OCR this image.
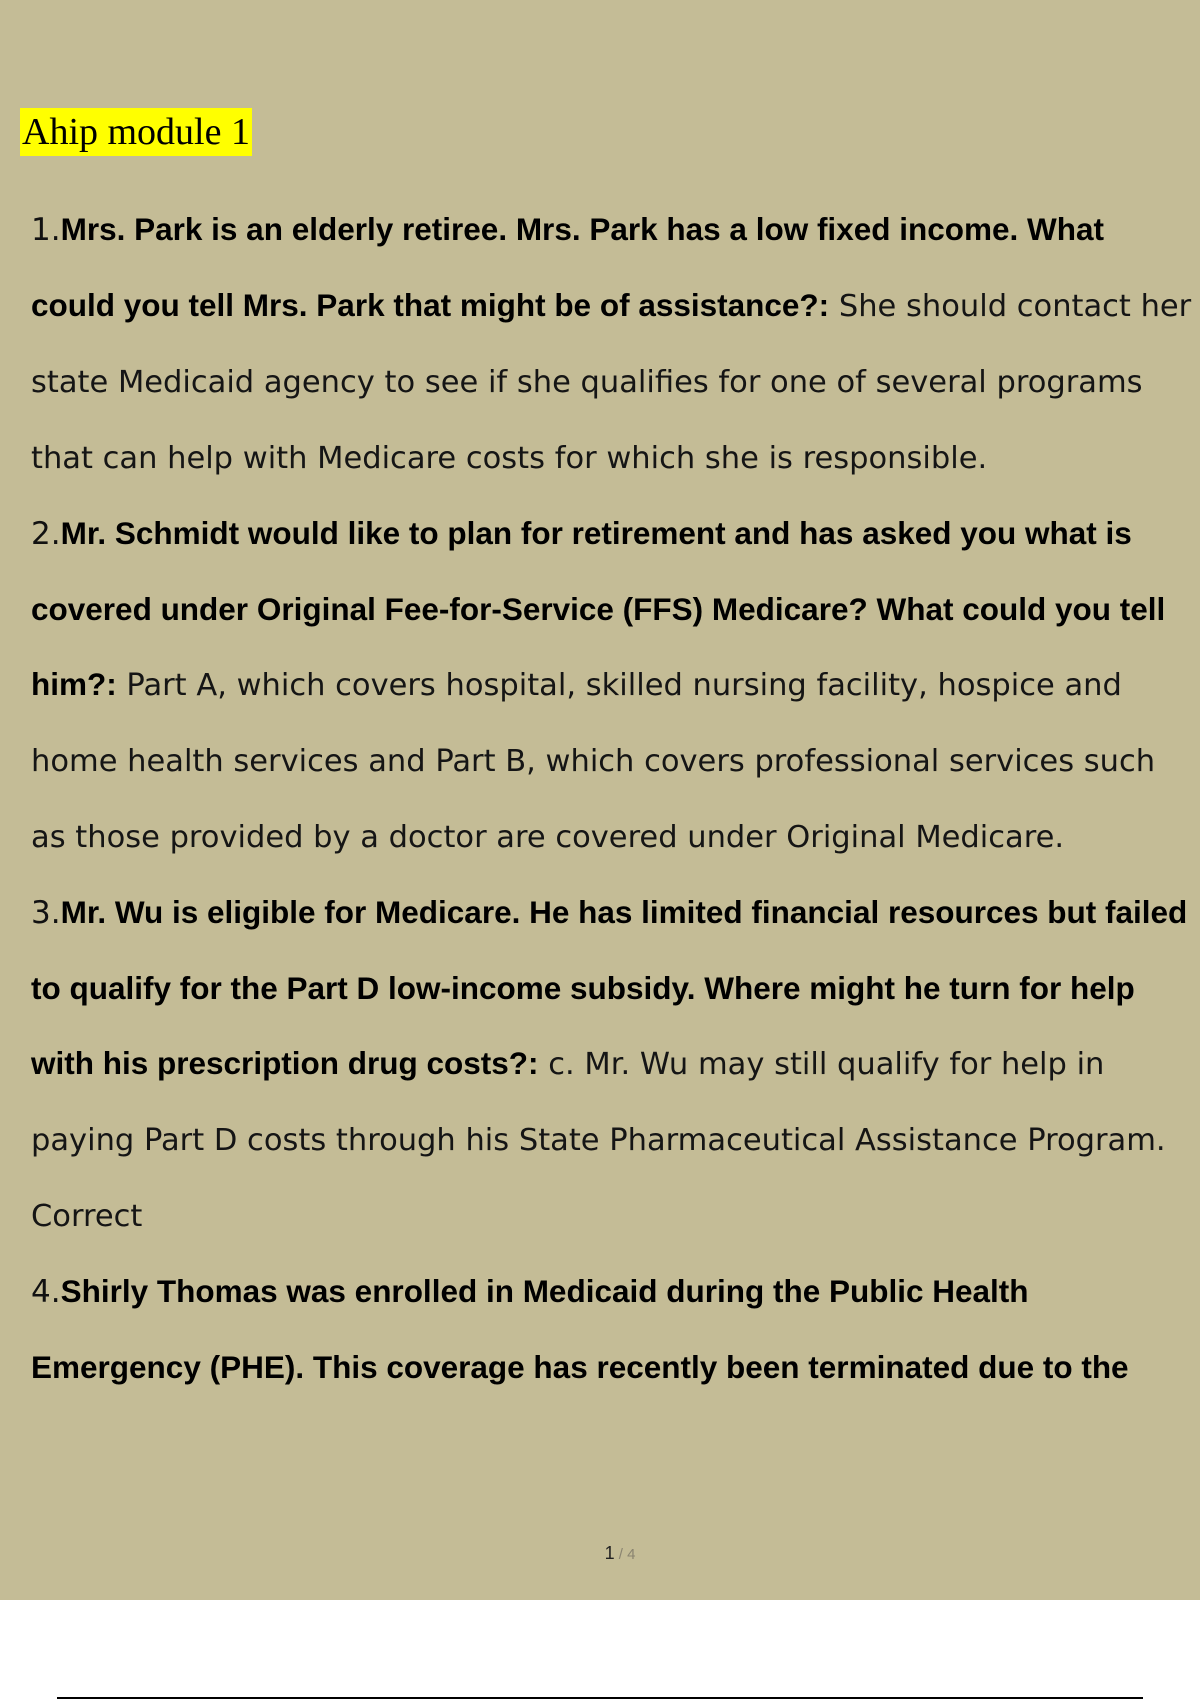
Ahip module 1
1.Mrs. Park is an elderly retiree. Mrs. Park has a low fixed income. What could you tell Mrs. Park that might be of assistance?: She should contact her state Medicaid agency to see if she qualifies for one of several programs that can help with Medicare costs for which she is responsible.
2.Mr. Schmidt would like to plan for retirement and has asked you what is covered under Original Fee-for-Service (FFS) Medicare? What could you tell him?: Part A, which covers hospital, skilled nursing facility, hospice and home health services and Part B, which covers professional services such as those provided by a doctor are covered under Original Medicare.
3.Mr. Wu is eligible for Medicare. He has limited financial resources but failed to qualify for the Part D low-income subsidy. Where might he turn for help with his prescription drug costs?: c. Mr. Wu may still qualify for help in paying Part D costs through his State Pharmaceutical Assistance Program. Correct
4.Shirly Thomas was enrolled in Medicaid during the Public Health Emergency (PHE). This coverage has recently been terminated due to the
1 / 4
